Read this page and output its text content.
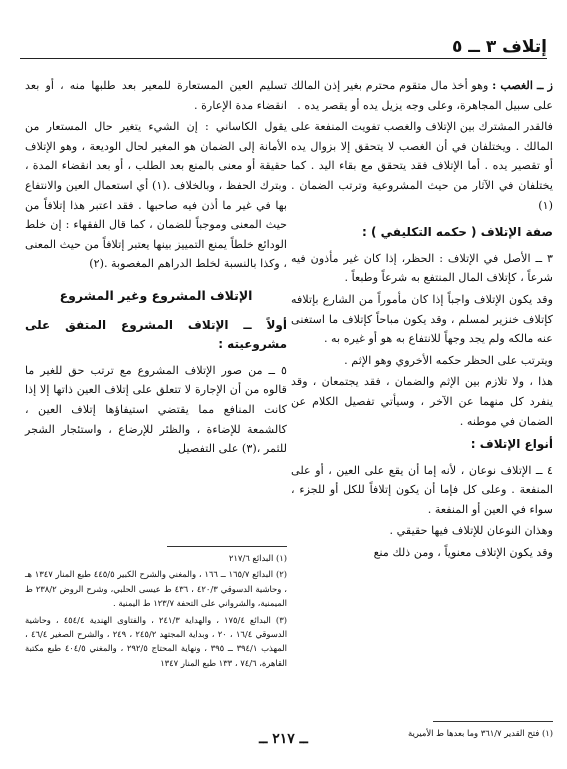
إتلاف ٣ ــ ٥

ز ــ الغصب : وهو أخذ مال متقوم محترم بغير إذن المالك على سبيل المجاهرة، وعلى وجه يزيل يده أو يقصر يده .

فالقدر المشترك بين الإتلاف والغصب تفويت المنفعة على المالك . ويختلفان في أن الغصب لا يتحقق إلا بزوال يده أو تقصير يده . أما الإتلاف فقد يتحقق مع بقاء اليد . كما يختلفان في الآثار من حيث المشروعية وترتب الضمان .(١)

صفة الإتلاف ( حكمه التكليفي ) :

٣ ــ الأصل في الإتلاف : الحظر، إذا كان غير مأذون فيه شرعاً ، كإتلاف المال المنتفع به شرعاً وطبعاً .

وقد يكون الإتلاف واجباً إذا كان مأموراً من الشارع بإتلافه كإتلاف خنزير لمسلم ، وقد يكون مباحاً كإتلاف ما استغنى عنه مالكه ولم يجد وجهاً للانتفاع به هو أو غيره به .

ويترتب على الحظر حكمه الأخروي وهو الإثم .

هذا ، ولا تلازم بين الإثم والضمان ، فقد يجتمعان ، وقد ينفرد كل منهما عن الآخر ، وسيأتي تفصيل الكلام عن الضمان في موطنه .

أنواع الإتلاف :

٤ ــ الإتلاف نوعان ، لأنه إما أن يقع على العين ، أو على المنفعة . وعلى كل فإما أن يكون إتلافاً للكل أو للجزء ، سواء في العين أو المنفعة .

وهذان النوعان للإتلاف فيها حقيقي .

وقد يكون الإتلاف معنوياً ، ومن ذلك منع

(١) فتح القدير ٣٦١/٧ وما بعدها ط الأميرية

تسليم العين المستعارة للمعير بعد طلبها منه ، أو بعد انقضاء مدة الإعارة .

يقول الكاساني : إن الشيء يتغير حال المستعار من الأمانة إلى الضمان هو المغير لحال الوديعة ، وهو الإتلاف حقيقة أو معنى بالمنع بعد الطلب ، أو بعد انقضاء المدة ، وبترك الحفظ ، وبالخلاف .(١) أي استعمال العين والانتفاع بها في غير ما أذن فيه صاحبها . فقد اعتبر هذا إتلافاً من حيث المعنى وموجباً للضمان ، كما قال الفقهاء : إن خلط الودائع خلطاً يمنع التمييز بينها يعتبر إتلافاً من حيث المعنى ، وكذا بالنسبة لخلط الدراهم المغصوبة .(٢)

الإتلاف المشروع وغير المشروع
أولاً ــ الإتلاف المشروع المتفق على مشروعيته :

٥ ــ من صور الإتلاف المشروع مع ترتب حق للغير ما قالوه من أن الإجارة لا تتعلق على إتلاف العين ذاتها إلا إذا كانت المنافع مما يقتضي استيفاؤها إتلاف العين ، كالشمعة للإضاءة ، والظئر للإرضاع ، واستئجار الشجر للثمر ،(٣) على التفصيل

(١) البدائع ٢١٧/٦

(٢) البدائع ١٦٥/٧ ــ ١٦٦ ، والمغني والشرح الكبير ٤٤٥/٥ طبع المنار ١٣٤٧ هـ ، وحاشية الدسوقي ٤٢٠/٣ ، ٤٣٦ ط عيسى الحلبي، وشرح الروض ٢٣٨/٢ ط الميمنية، والشرواني على التحفة ١٢٣/٧ ط اليمنية .

(٣) البدائع ١٧٥/٤ ، والهداية ٢٤١/٣ ، والفتاوى الهندية ٤٥٤/٤ ، وحاشية الدسوقي ١٦/٤ ، ٢٠ ، وبداية المجتهد ٢٤٥/٢ ، ٢٤٩ ، والشرح الصغير ٤٦/٤ ، المهذب ٣٩٤/١ ــ ٣٩٥ ، ونهاية المحتاج ٢٩٢/٥ ، والمغني ٤٠٤/٥ طبع مكتبة القاهرة، ٧٤/٦ ، ١٣٣ طبع المنار ١٣٤٧

ــ ٢١٧ ــ
